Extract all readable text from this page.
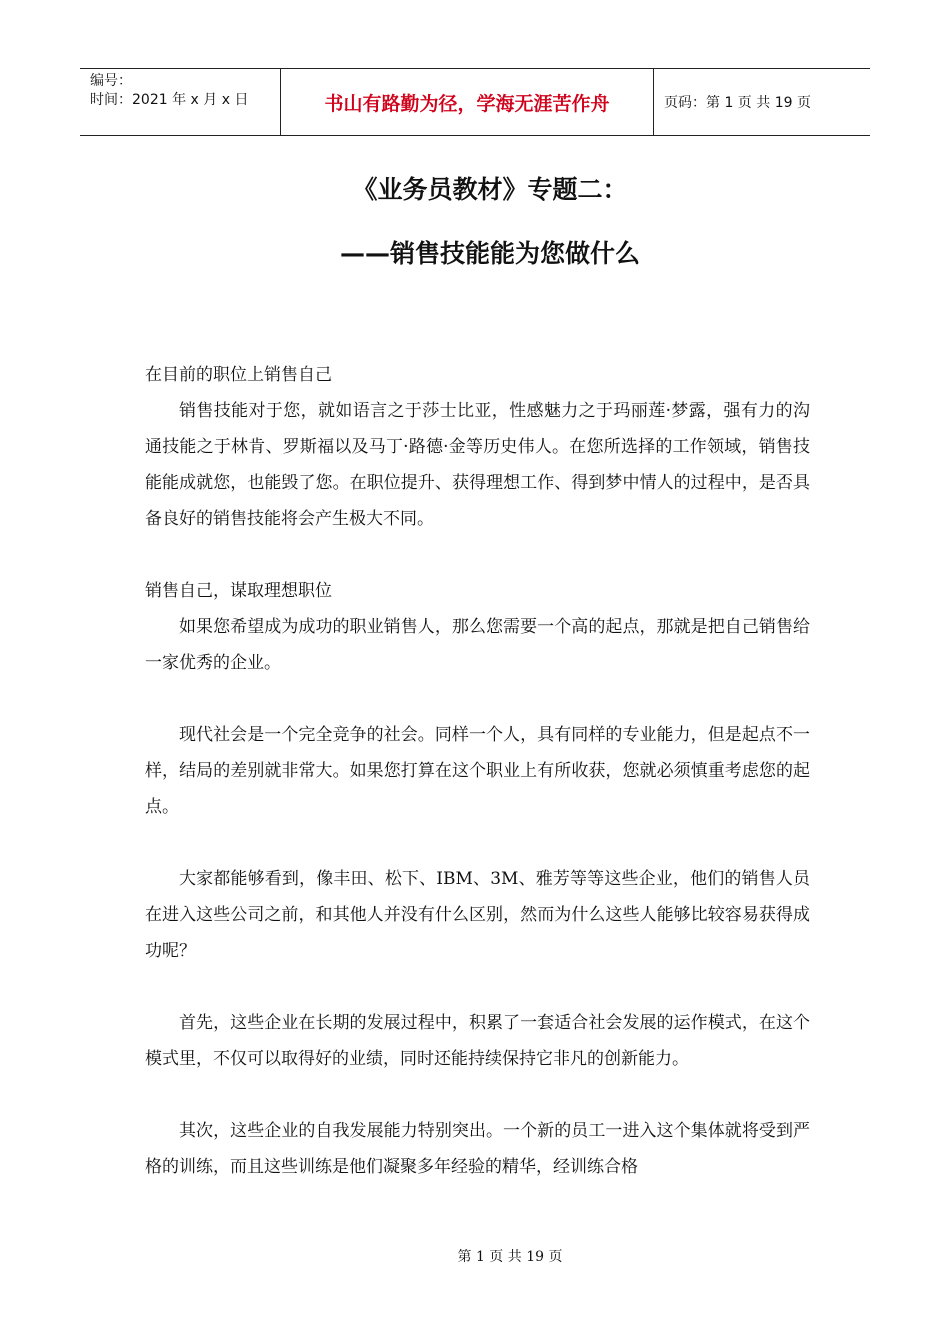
编号：
时间：2021 年 x 月 x 日	书山有路勤为径，学海无涯苦作舟	页码：第 1 页 共 19 页
《业务员教材》专题二：
——销售技能能为您做什么

在目前的职位上销售自己

销售技能对于您，就如语言之于莎士比亚，性感魅力之于玛丽莲·梦露，强有力的沟通技能之于林肯、罗斯福以及马丁·路德·金等历史伟人。在您所选择的工作领域，销售技能能成就您，也能毁了您。在职位提升、获得理想工作、得到梦中情人的过程中，是否具备良好的销售技能将会产生极大不同。

销售自己，谋取理想职位

如果您希望成为成功的职业销售人，那么您需要一个高的起点，那就是把自己销售给一家优秀的企业。

现代社会是一个完全竞争的社会。同样一个人，具有同样的专业能力，但是起点不一样，结局的差别就非常大。如果您打算在这个职业上有所收获，您就必须慎重考虑您的起点。

大家都能够看到，像丰田、松下、IBM、3M、雅芳等等这些企业，他们的销售人员在进入这些公司之前，和其他人并没有什么区别，然而为什么这些人能够比较容易获得成功呢？

首先，这些企业在长期的发展过程中，积累了一套适合社会发展的运作模式，在这个模式里，不仅可以取得好的业绩，同时还能持续保持它非凡的创新能力。

其次，这些企业的自我发展能力特别突出。一个新的员工一进入这个集体就将受到严格的训练，而且这些训练是他们凝聚多年经验的精华，经训练合格

第 1 页 共 19 页
